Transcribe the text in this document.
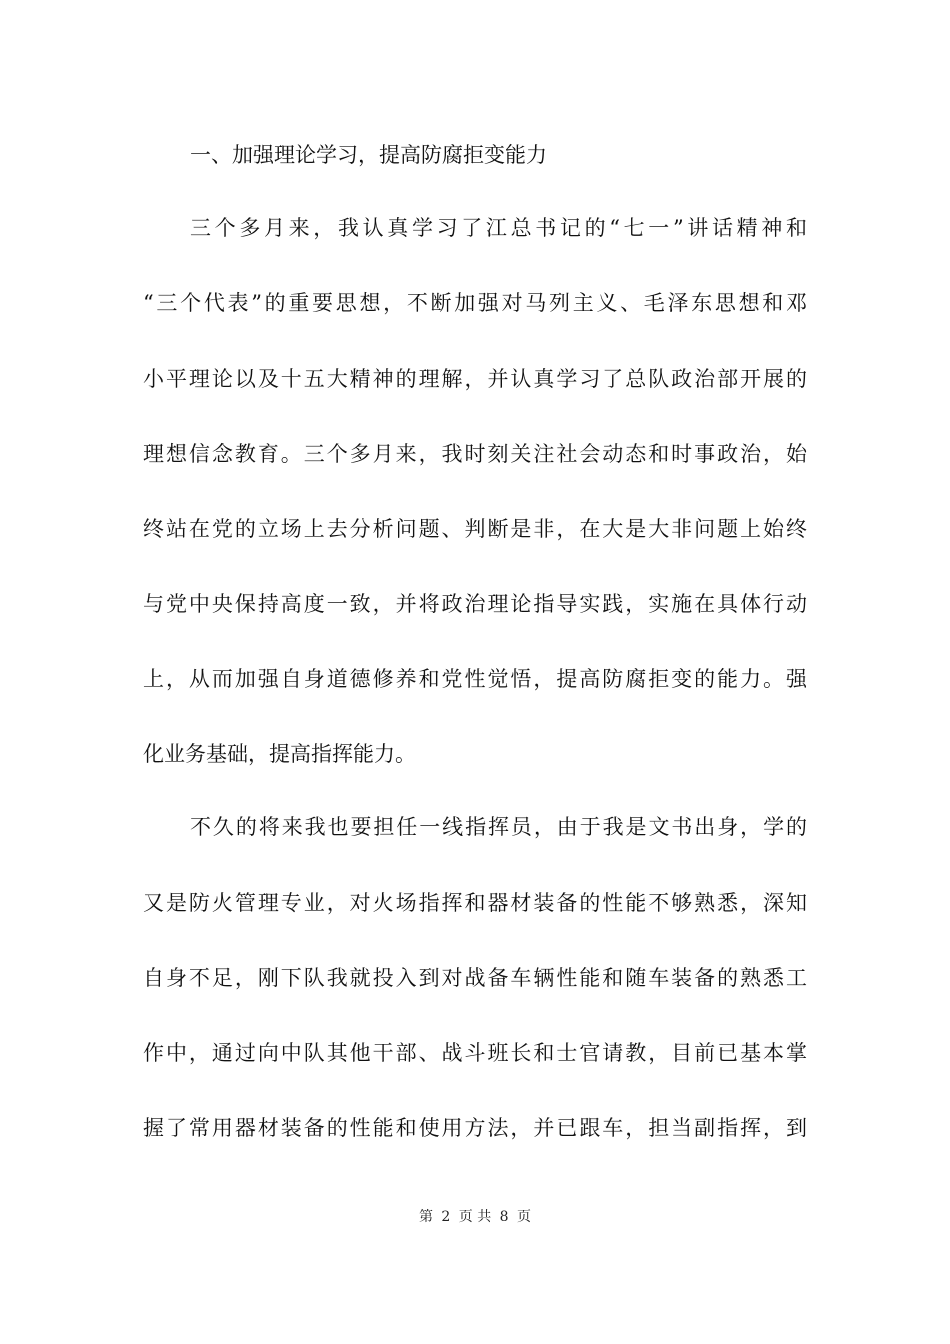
一、加强理论学习，提高防腐拒变能力
三个多月来，我认真学习了江总书记的“七一”讲话精神和
“三个代表”的重要思想，不断加强对马列主义、毛泽东思想和邓
小平理论以及十五大精神的理解，并认真学习了总队政治部开展的
理想信念教育。三个多月来，我时刻关注社会动态和时事政治，始
终站在党的立场上去分析问题、判断是非，在大是大非问题上始终
与党中央保持高度一致，并将政治理论指导实践，实施在具体行动
上，从而加强自身道德修养和党性觉悟，提高防腐拒变的能力。强
化业务基础，提高指挥能力。
不久的将来我也要担任一线指挥员，由于我是文书出身，学的
又是防火管理专业，对火场指挥和器材装备的性能不够熟悉，深知
自身不足，刚下队我就投入到对战备车辆性能和随车装备的熟悉工
作中，通过向中队其他干部、战斗班长和士官请教，目前已基本掌
握了常用器材装备的性能和使用方法，并已跟车，担当副指挥，到
第 2 页 共 8 页
